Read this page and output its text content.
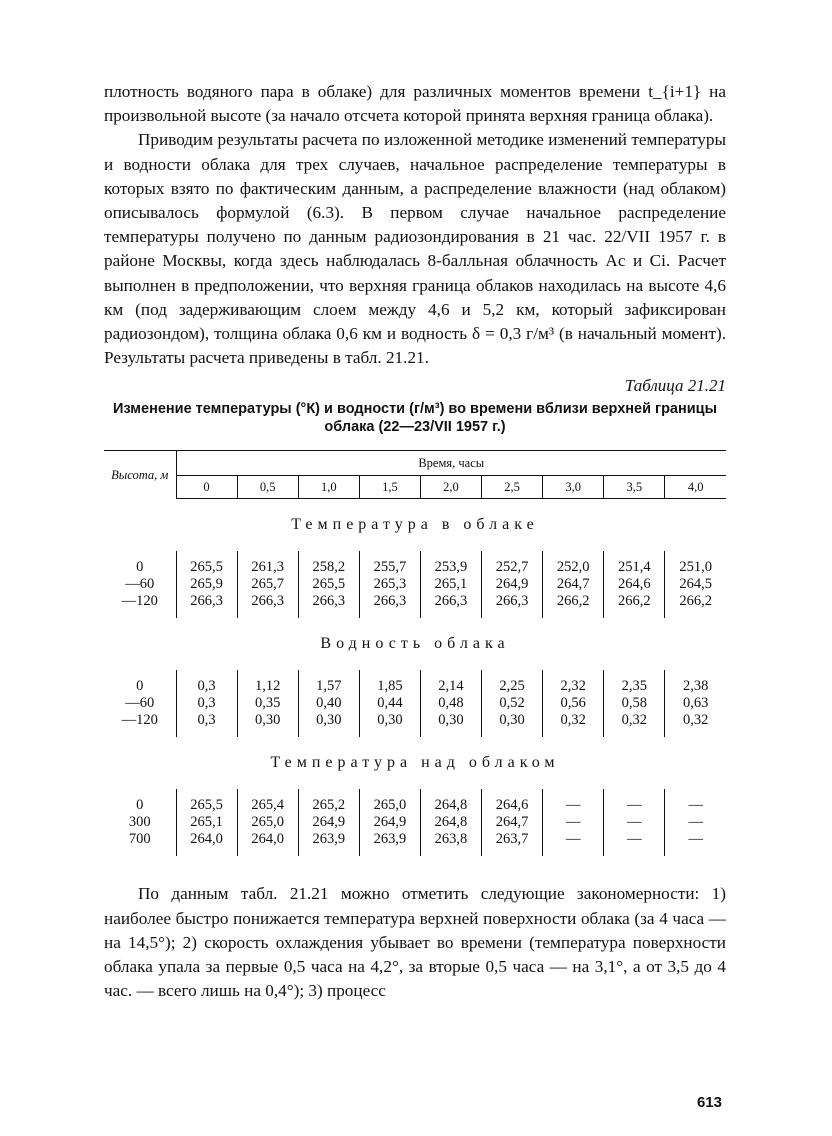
плотность водяного пара в облаке) для различных моментов времени t_{i+1} на произвольной высоте (за начало отсчета которой принята верхняя граница облака).

Приводим результаты расчета по изложенной методике изменений температуры и водности облака для трех случаев, начальное распределение температуры в которых взято по фактическим данным, а распределение влажности (над облаком) описывалось формулой (6.3). В первом случае начальное распределение температуры получено по данным радиозондирования в 21 час. 22/VII 1957 г. в районе Москвы, когда здесь наблюдалась 8-балльная облачность Ac и Ci. Расчет выполнен в предположении, что верхняя граница облаков находилась на высоте 4,6 км (под задерживающим слоем между 4,6 и 5,2 км, который зафиксирован радиозондом), толщина облака 0,6 км и водность δ = 0,3 г/м³ (в начальный момент). Результаты расчета приведены в табл. 21.21.

Таблица 21.21
Изменение температуры (°К) и водности (г/м³) во времени вблизи верхней границы облака (22—23/VII 1957 г.)
Высота, м	Время, часы								
	0	0,5	1,0	1,5	2,0	2,5	3,0	3,5	4,0
Температура в облаке									

0	265,5	261,3	258,2	255,7	253,9	252,7	252,0	251,4	251,0
—60	265,9	265,7	265,5	265,3	265,1	264,9	264,7	264,6	264,5
—120	266,3	266,3	266,3	266,3	266,3	266,3	266,2	266,2	266,2

Водность облака									

0	0,3	1,12	1,57	1,85	2,14	2,25	2,32	2,35	2,38
—60	0,3	0,35	0,40	0,44	0,48	0,52	0,56	0,58	0,63
—120	0,3	0,30	0,30	0,30	0,30	0,30	0,32	0,32	0,32

Температура над облаком									

0	265,5	265,4	265,2	265,0	264,8	264,6	—	—	—
300	265,1	265,0	264,9	264,9	264,8	264,7	—	—	—
700	264,0	264,0	263,9	263,9	263,8	263,7	—	—	—

По данным табл. 21.21 можно отметить следующие закономерности: 1) наиболее быстро понижается температура верхней поверхности облака (за 4 часа — на 14,5°); 2) скорость охлаждения убывает во времени (температура поверхности облака упала за первые 0,5 часа на 4,2°, за вторые 0,5 часа — на 3,1°, а от 3,5 до 4 час. — всего лишь на 0,4°); 3) процесс

613
